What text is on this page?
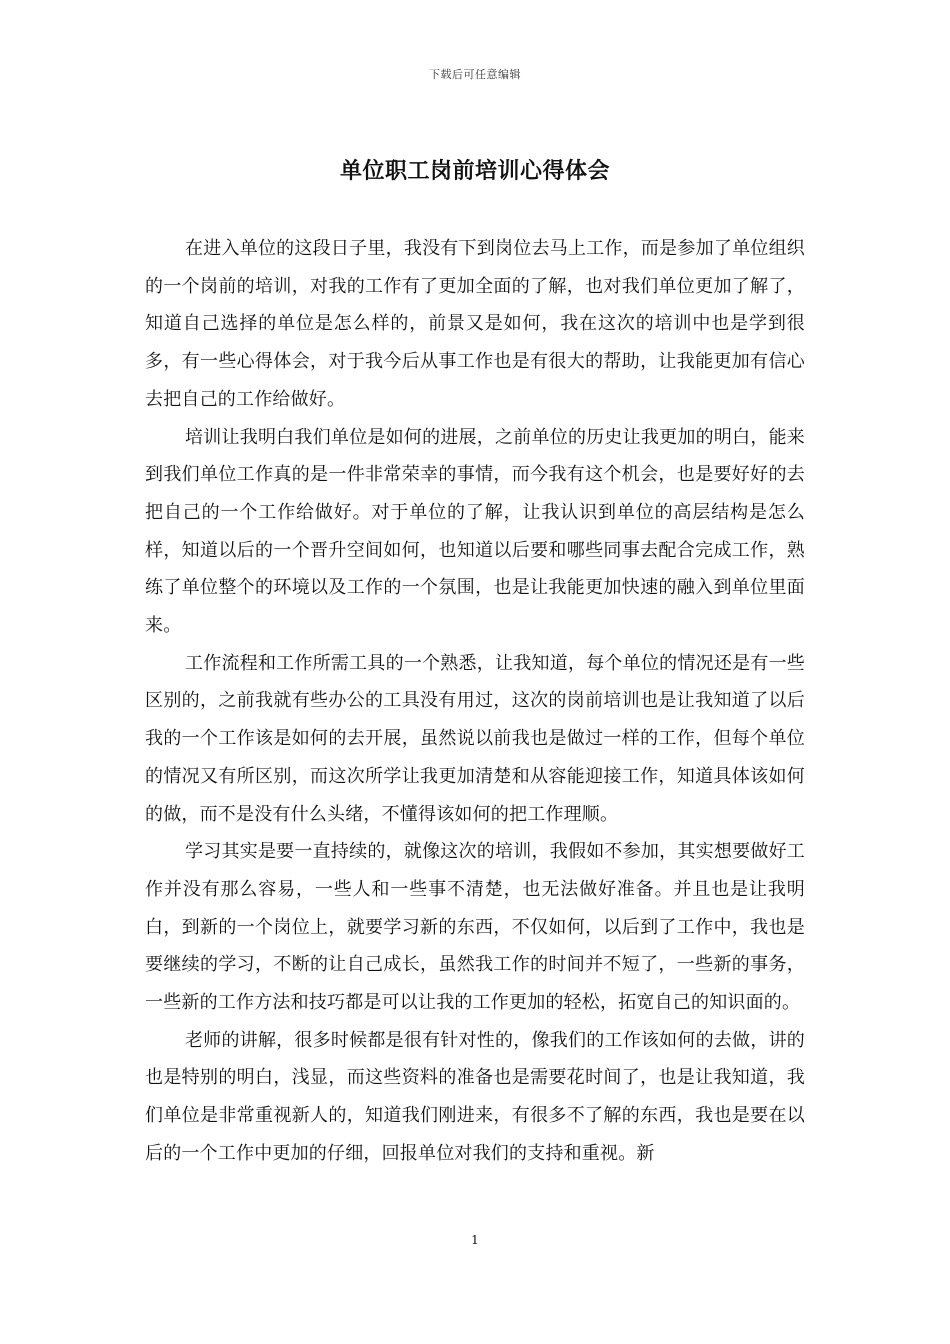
下载后可任意编辑
单位职工岗前培训心得体会

在进入单位的这段日子里，我没有下到岗位去马上工作，而是参加了单位组织的一个岗前的培训，对我的工作有了更加全面的了解，也对我们单位更加了解了，知道自己选择的单位是怎么样的，前景又是如何，我在这次的培训中也是学到很多，有一些心得体会，对于我今后从事工作也是有很大的帮助，让我能更加有信心去把自己的工作给做好。

培训让我明白我们单位是如何的进展，之前单位的历史让我更加的明白，能来到我们单位工作真的是一件非常荣幸的事情，而今我有这个机会，也是要好好的去把自己的一个工作给做好。对于单位的了解，让我认识到单位的高层结构是怎么样，知道以后的一个晋升空间如何，也知道以后要和哪些同事去配合完成工作，熟练了单位整个的环境以及工作的一个氛围，也是让我能更加快速的融入到单位里面来。

工作流程和工作所需工具的一个熟悉，让我知道，每个单位的情况还是有一些区别的，之前我就有些办公的工具没有用过，这次的岗前培训也是让我知道了以后我的一个工作该是如何的去开展，虽然说以前我也是做过一样的工作，但每个单位的情况又有所区别，而这次所学让我更加清楚和从容能迎接工作，知道具体该如何的做，而不是没有什么头绪，不懂得该如何的把工作理顺。

学习其实是要一直持续的，就像这次的培训，我假如不参加，其实想要做好工作并没有那么容易，一些人和一些事不清楚，也无法做好准备。并且也是让我明白，到新的一个岗位上，就要学习新的东西，不仅如何，以后到了工作中，我也是要继续的学习，不断的让自己成长，虽然我工作的时间并不短了，一些新的事务，一些新的工作方法和技巧都是可以让我的工作更加的轻松，拓宽自己的知识面的。

老师的讲解，很多时候都是很有针对性的，像我们的工作该如何的去做，讲的也是特别的明白，浅显，而这些资料的准备也是需要花时间了，也是让我知道，我们单位是非常重视新人的，知道我们刚进来，有很多不了解的东西，我也是要在以后的一个工作中更加的仔细，回报单位对我们的支持和重视。新

1
